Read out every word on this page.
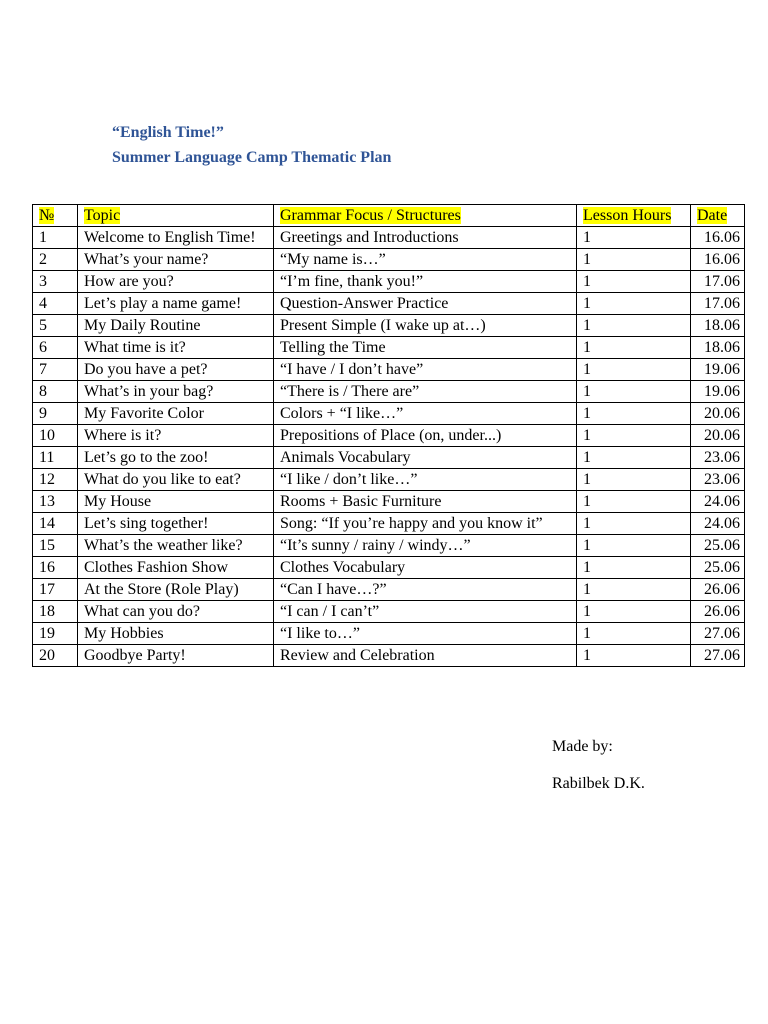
“English Time!”
Summer Language Camp Thematic Plan
№	Topic	Grammar Focus / Structures	Lesson Hours	Date
1	Welcome to English Time!	Greetings and Introductions	1	16.06
2	What’s your name?	“My name is…”	1	16.06
3	How are you?	“I’m fine, thank you!”	1	17.06
4	Let’s play a name game!	Question-Answer Practice	1	17.06
5	My Daily Routine	Present Simple (I wake up at…)	1	18.06
6	What time is it?	Telling the Time	1	18.06
7	Do you have a pet?	“I have / I don’t have”	1	19.06
8	What’s in your bag?	“There is / There are”	1	19.06
9	My Favorite Color	Colors + “I like…”	1	20.06
10	Where is it?	Prepositions of Place (on, under...)	1	20.06
11	Let’s go to the zoo!	Animals Vocabulary	1	23.06
12	What do you like to eat?	“I like / don’t like…”	1	23.06
13	My House	Rooms + Basic Furniture	1	24.06
14	Let’s sing together!	Song: “If you’re happy and you know it”	1	24.06
15	What’s the weather like?	“It’s sunny / rainy / windy…”	1	25.06
16	Clothes Fashion Show	Clothes Vocabulary	1	25.06
17	At the Store (Role Play)	“Can I have…?”	1	26.06
18	What can you do?	“I can / I can’t”	1	26.06
19	My Hobbies	“I like to…”	1	27.06
20	Goodbye Party!	Review and Celebration	1	27.06
Made by:
Rabilbek D.K.
